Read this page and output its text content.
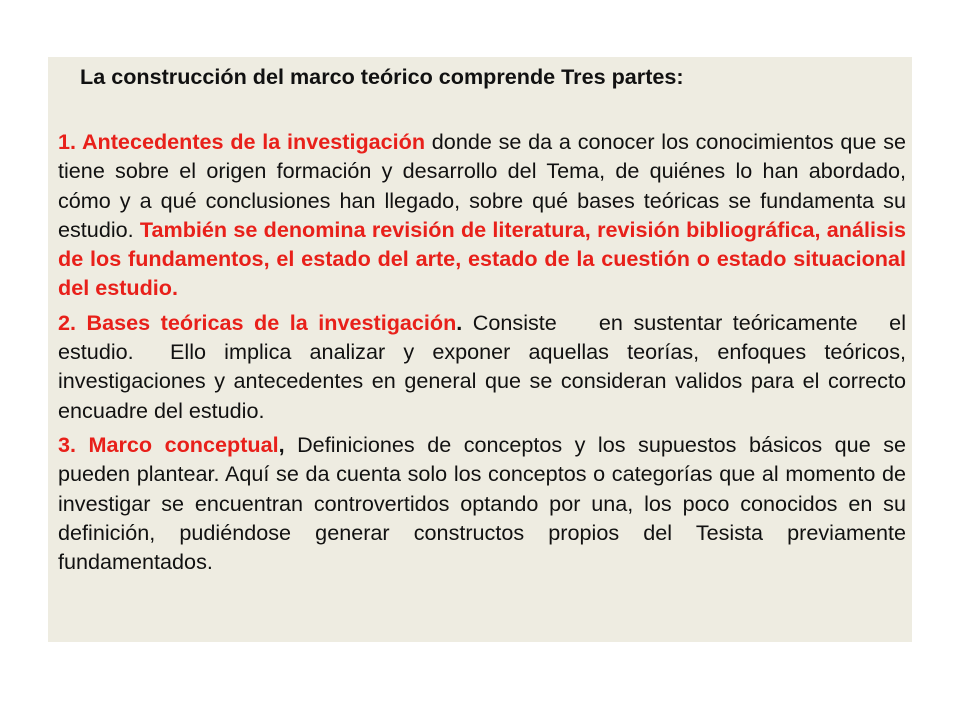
La construcción del marco teórico comprende Tres partes:

1. Antecedentes de la investigación donde se da a conocer los conocimientos que se tiene sobre el origen formación y desarrollo del Tema, de quiénes lo han abordado, cómo y a qué conclusiones han llegado, sobre qué bases teóricas se fundamenta su estudio. También se denomina revisión de literatura, revisión bibliográfica, análisis de los fundamentos, el estado del arte, estado de la cuestión o estado situacional del estudio.

2. Bases teóricas de la investigación. Consiste    en sustentar teóricamente   el   estudio.  Ello implica analizar y exponer aquellas teorías, enfoques teóricos, investigaciones y antecedentes en general que se consideran validos para el correcto encuadre del estudio.

3. Marco conceptual, Definiciones de conceptos y los supuestos básicos que se pueden plantear. Aquí se da cuenta solo los conceptos o categorías que al momento de investigar se encuentran controvertidos optando por una, los poco conocidos en su definición, pudiéndose generar constructos propios del Tesista previamente fundamentados.
